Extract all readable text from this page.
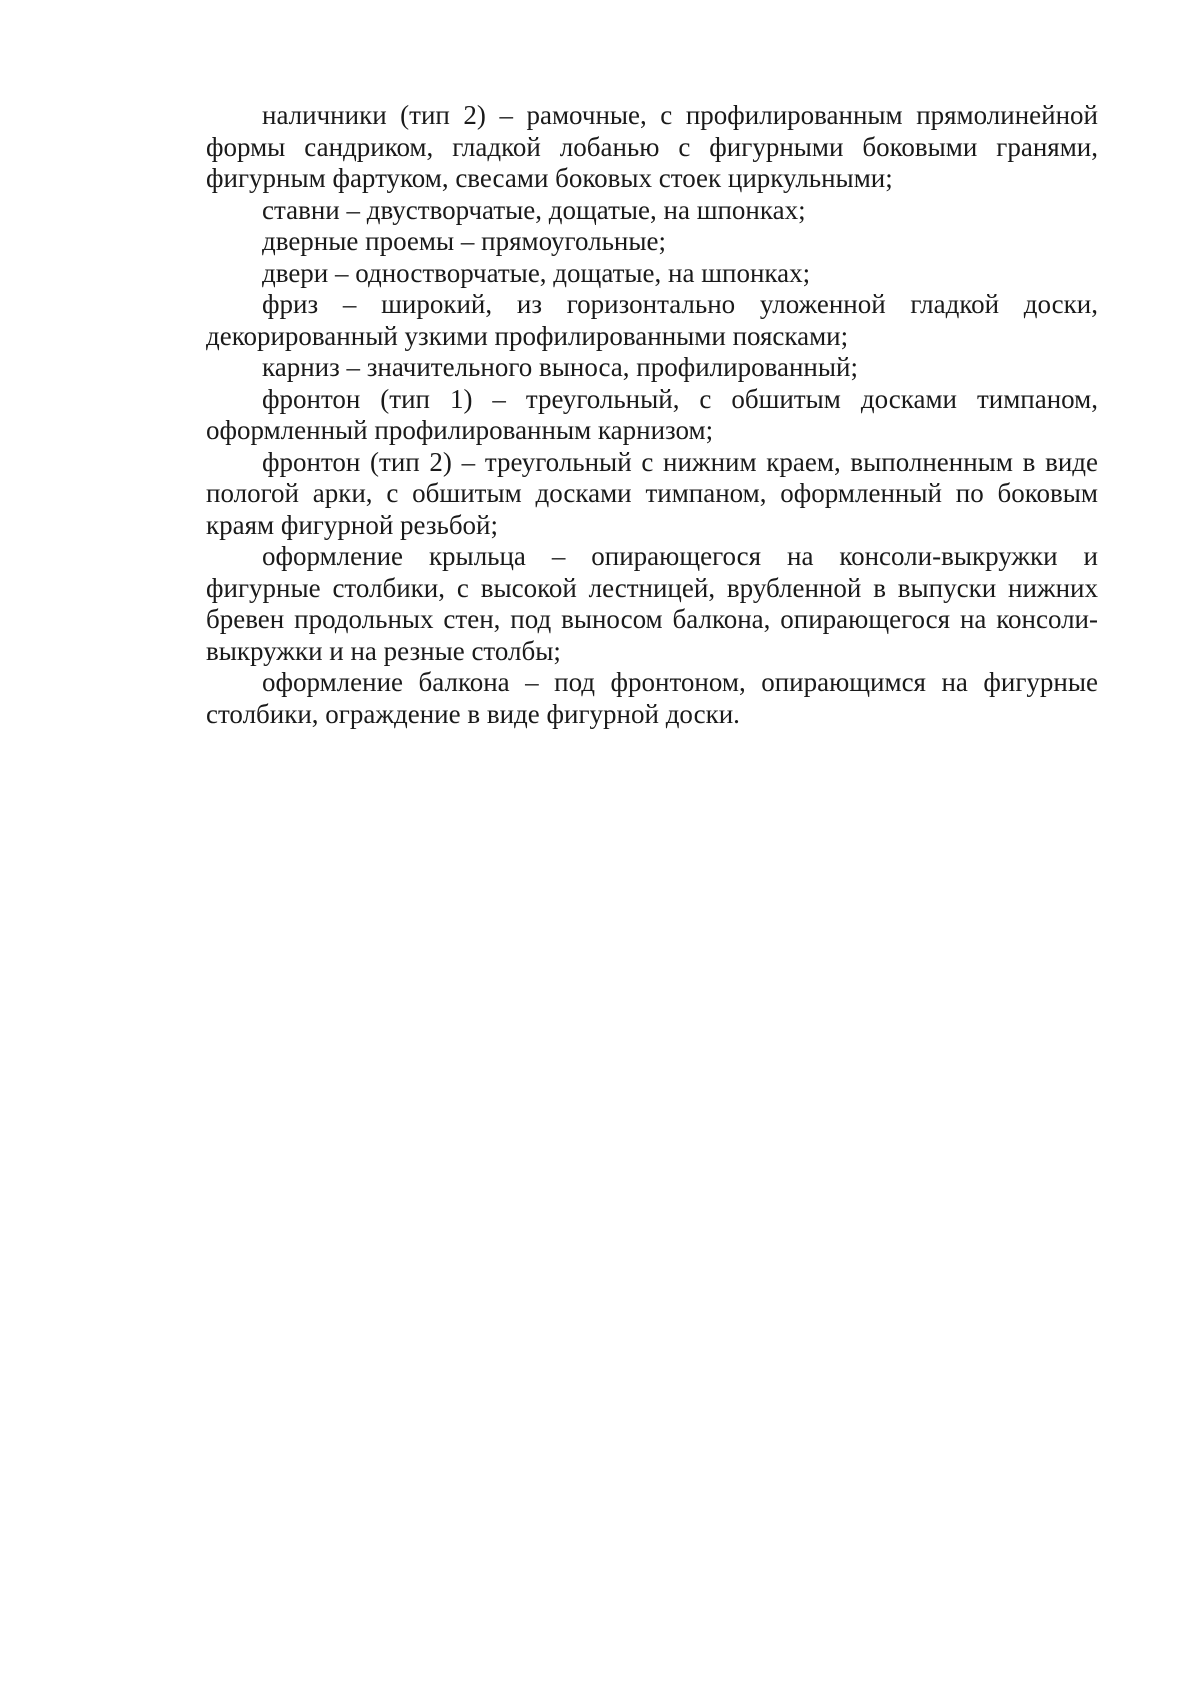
наличники (тип 2) – рамочные, с профилированным прямолинейной формы сандриком, гладкой лобанью с фигурными боковыми гранями, фигурным фартуком, свесами боковых стоек циркульными;

ставни – двустворчатые, дощатые, на шпонках;

дверные проемы – прямоугольные;

двери – одностворчатые, дощатые, на шпонках;

фриз – широкий, из горизонтально уложенной гладкой доски, декорированный узкими профилированными поясками;

карниз – значительного выноса, профилированный;

фронтон (тип 1) – треугольный, с обшитым досками тимпаном, оформленный профилированным карнизом;

фронтон (тип 2) – треугольный с нижним краем, выполненным в виде пологой арки, с обшитым досками тимпаном, оформленный по боковым краям фигурной резьбой;

оформление крыльца – опирающегося на консоли-выкружки и фигурные столбики, с высокой лестницей, врубленной в выпуски нижних бревен продольных стен, под выносом балкона, опирающегося на консоли-выкружки и на резные столбы;

оформление балкона – под фронтоном, опирающимся на фигурные столбики, ограждение в виде фигурной доски.
